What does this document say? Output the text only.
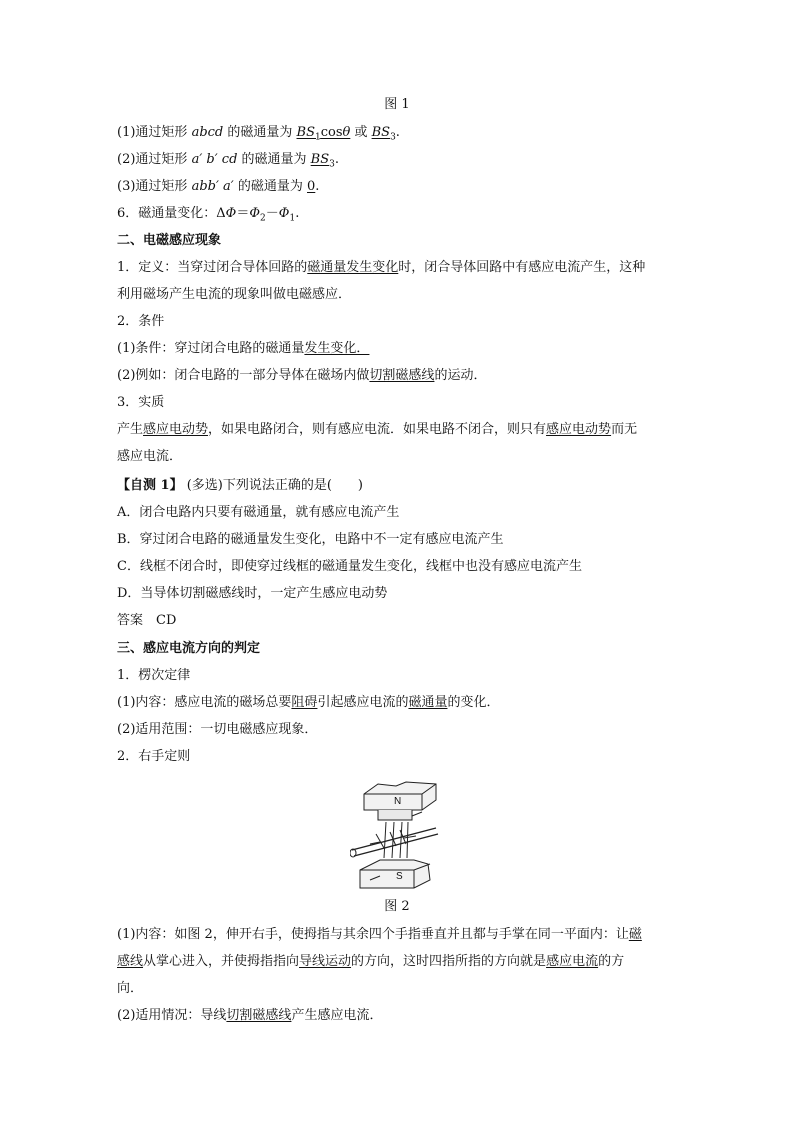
图 1
(1)通过矩形 abcd 的磁通量为 $BS_1\cos\theta$ 或 $BS_3$.
(2)通过矩形 a′ b′ cd 的磁通量为 $BS_3$.
(3)通过矩形 abb′ a′ 的磁通量为 0.
6．磁通量变化：$\Delta\Phi=\Phi_2-\Phi_1$.
二、电磁感应现象
1．定义：当穿过闭合导体回路的磁通量发生变化时，闭合导体回路中有感应电流产生，这种
利用磁场产生电流的现象叫做电磁感应．
2．条件
(1)条件：穿过闭合电路的磁通量发生变化．
(2)例如：闭合电路的一部分导体在磁场内做切割磁感线的运动．
3．实质
产生感应电动势，如果电路闭合，则有感应电流．如果电路不闭合，则只有感应电动势而无
感应电流．
【自测 1】 (多选)下列说法正确的是(　　)
A．闭合电路内只要有磁通量，就有感应电流产生
B．穿过闭合电路的磁通量发生变化，电路中不一定有感应电流产生
C．线框不闭合时，即使穿过线框的磁通量发生变化，线框中也没有感应电流产生
D．当导体切割磁感线时，一定产生感应电动势
答案　CD
三、感应电流方向的判定
1．楞次定律
(1)内容：感应电流的磁场总要阻碍引起感应电流的磁通量的变化．
(2)适用范围：一切电磁感应现象．
2．右手定则
N
S
图 2
(1)内容：如图 2，伸开右手，使拇指与其余四个手指垂直并且都与手掌在同一平面内：让磁
感线从掌心进入，并使拇指指向导线运动的方向，这时四指所指的方向就是感应电流的方
向．
(2)适用情况：导线切割磁感线产生感应电流．
